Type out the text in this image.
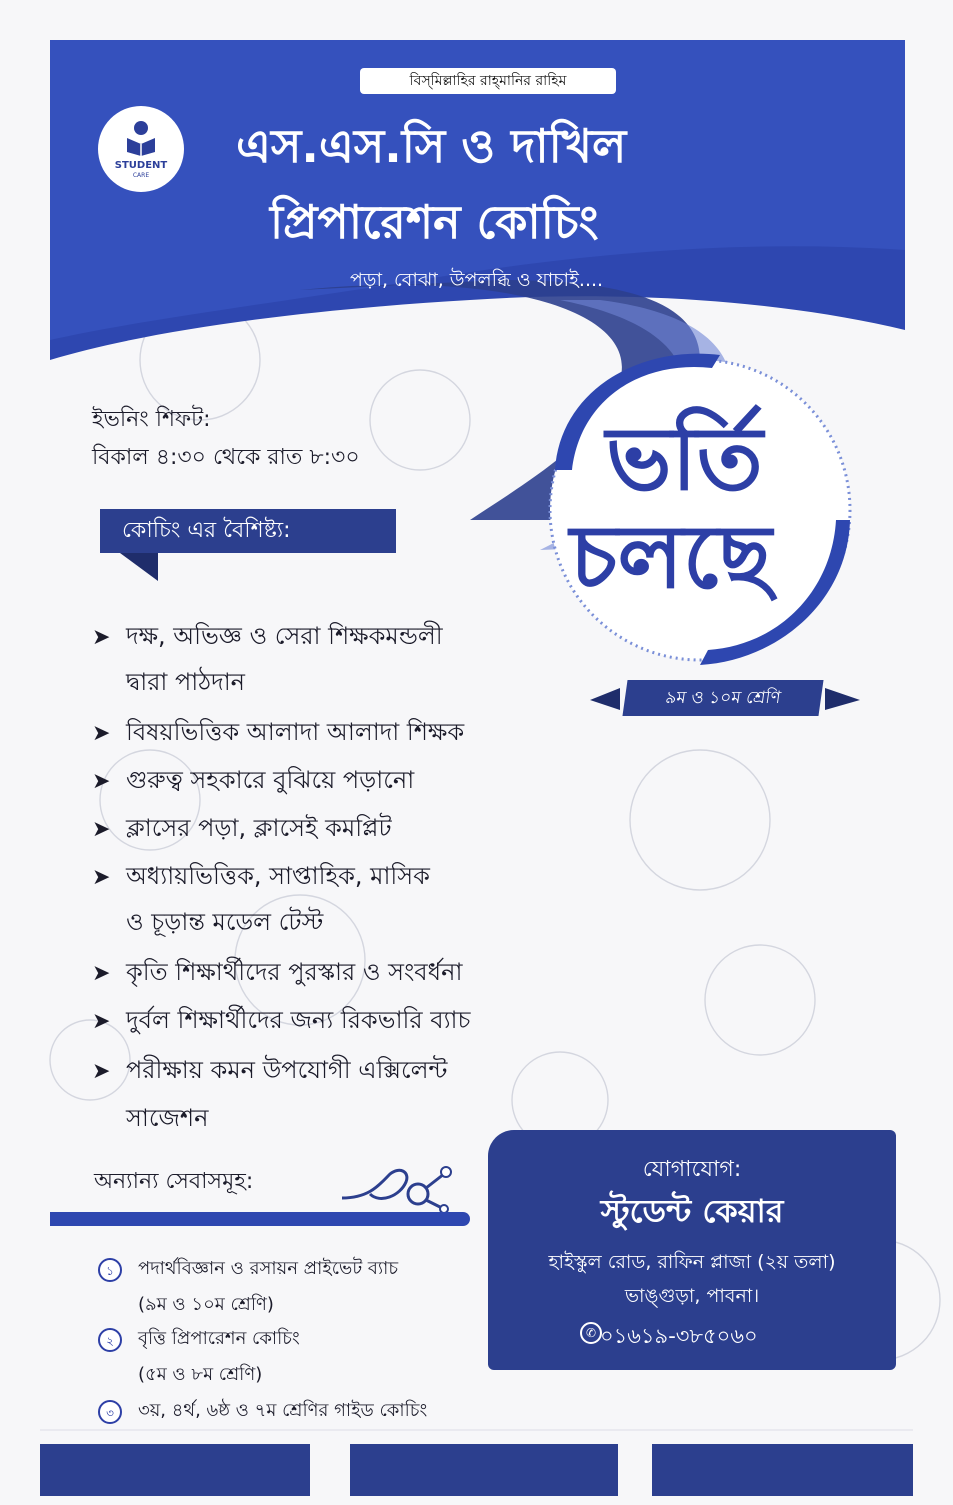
বিস্‌মিল্লাহির রাহ্‌মানির রাহিম
STUDENT
CARE
এস.এস.সি ও দাখিল
প্রিপারেশন কোচিং
পড়া, বোঝা, উপলব্ধি ও যাচাই....
ইভনিং শিফট:
বিকাল ৪:৩০ থেকে রাত ৮:৩০
কোচিং এর বৈশিষ্ট্য:
➤ দক্ষ, অভিজ্ঞ ও সেরা শিক্ষকমন্ডলী
দ্বারা পাঠদান
➤ বিষয়ভিত্তিক আলাদা আলাদা শিক্ষক
➤ গুরুত্ব সহকারে বুঝিয়ে পড়ানো
➤ ক্লাসের পড়া, ক্লাসেই কমপ্লিট
➤ অধ্যায়ভিত্তিক, সাপ্তাহিক, মাসিক
ও চূড়ান্ত মডেল টেস্ট
➤ কৃতি শিক্ষার্থীদের পুরস্কার ও সংবর্ধনা
➤ দুর্বল শিক্ষার্থীদের জন্য রিকভারি ব্যাচ
➤ পরীক্ষায় কমন উপযোগী এক্সিলেন্ট
সাজেশন
ভর্তি
চলছে
৯ম ও ১০ম শ্রেণি
অন্যান্য সেবাসমূহ:
১	পদার্থবিজ্ঞান ও রসায়ন প্রাইভেট ব্যাচ
(৯ম ও ১০ম শ্রেণি)
২	বৃত্তি প্রিপারেশন কোচিং
(৫ম ও ৮ম শ্রেণি)
৩	৩য়, ৪র্থ, ৬ষ্ঠ ও ৭ম শ্রেণির গাইড কোচিং
যোগাযোগ:
স্টুডেন্ট কেয়ার
হাইস্কুল রোড, রাফিন প্লাজা (২য় তলা)
ভাঙ্গুড়া, পাবনা।
✆ ০১৬১৯-৩৮৫০৬০
